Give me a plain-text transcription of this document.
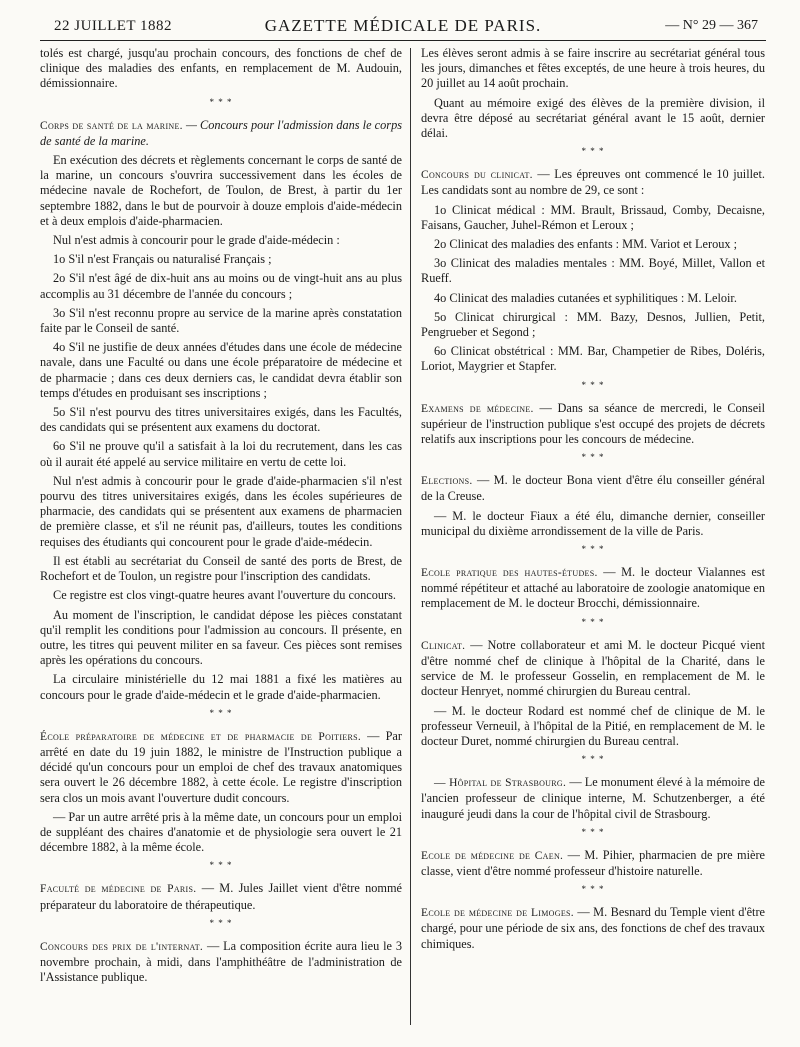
22 JUILLET 1882	GAZETTE MÉDICALE DE PARIS.	— N° 29 — 367

tolés est chargé, jusqu'au prochain concours, des fonctions de chef de clinique des maladies des enfants, en remplacement de M. Audouin, démissionnaire.

* * *

Corps de santé de la marine. — Concours pour l'admission dans le corps de santé de la marine.

En exécution des décrets et règlements concernant le corps de santé de la marine, un concours s'ouvrira successivement dans les écoles de médecine navale de Rochefort, de Toulon, de Brest, à partir du 1er septembre 1882, dans le but de pourvoir à douze emplois d'aide-médecin et à deux emplois d'aide-pharmacien.

Nul n'est admis à concourir pour le grade d'aide-médecin :

1o S'il n'est Français ou naturalisé Français ;

2o S'il n'est âgé de dix-huit ans au moins ou de vingt-huit ans au plus accomplis au 31 décembre de l'année du concours ;

3o S'il n'est reconnu propre au service de la marine après constatation faite par le Conseil de santé.

4o S'il ne justifie de deux années d'études dans une école de médecine navale, dans une Faculté ou dans une école préparatoire de médecine et de pharmacie ; dans ces deux derniers cas, le candidat devra établir son temps d'études en produisant ses inscriptions ;

5o S'il n'est pourvu des titres universitaires exigés, dans les Facultés, des candidats qui se présentent aux examens du doctorat.

6o S'il ne prouve qu'il a satisfait à la loi du recrutement, dans les cas où il aurait été appelé au service militaire en vertu de cette loi.

Nul n'est admis à concourir pour le grade d'aide-pharmacien s'il n'est pourvu des titres universitaires exigés, dans les écoles supérieures de pharmacie, des candidats qui se présentent aux examens de pharmacien de première classe, et s'il ne réunit pas, d'ailleurs, toutes les conditions requises des étudiants qui concourent pour le grade d'aide-médecin.

Il est établi au secrétariat du Conseil de santé des ports de Brest, de Rochefort et de Toulon, un registre pour l'inscription des candidats.

Ce registre est clos vingt-quatre heures avant l'ouverture du concours.

Au moment de l'inscription, le candidat dépose les pièces constatant qu'il remplit les conditions pour l'admission au concours. Il présente, en outre, les titres qui peuvent militer en sa faveur. Ces pièces sont remises après les opérations du concours.

La circulaire ministérielle du 12 mai 1881 a fixé les matières au concours pour le grade d'aide-médecin et le grade d'aide-pharmacien.

* * *

École préparatoire de médecine et de pharmacie de Poitiers. — Par arrêté en date du 19 juin 1882, le ministre de l'Instruction publique a décidé qu'un concours pour un emploi de chef des travaux anatomiques sera ouvert le 26 décembre 1882, à cette école. Le registre d'inscription sera clos un mois avant l'ouverture dudit concours.

— Par un autre arrêté pris à la même date, un concours pour un emploi de suppléant des chaires d'anatomie et de physiologie sera ouvert le 21 décembre 1882, à la même école.

* * *

Faculté de médecine de Paris. — M. Jules Jaillet vient d'être nommé préparateur du laboratoire de thérapeutique.

* * *

Concours des prix de l'internat. — La composition écrite aura lieu le 3 novembre prochain, à midi, dans l'amphithéâtre de l'administration de l'Assistance publique.

Les élèves seront admis à se faire inscrire au secrétariat général tous les jours, dimanches et fêtes exceptés, de une heure à trois heures, du 20 juillet au 14 août prochain.

Quant au mémoire exigé des élèves de la première division, il devra être déposé au secrétariat général avant le 15 août, dernier délai.

* * *

Concours du clinicat. — Les épreuves ont commencé le 10 juillet. Les candidats sont au nombre de 29, ce sont :

1o Clinicat médical : MM. Brault, Brissaud, Comby, Decaisne, Faisans, Gaucher, Juhel-Rémon et Leroux ;

2o Clinicat des maladies des enfants : MM. Variot et Leroux ;

3o Clinicat des maladies mentales : MM. Boyé, Millet, Vallon et Rueff.

4o Clinicat des maladies cutanées et syphilitiques : M. Leloir.

5o Clinicat chirurgical : MM. Bazy, Desnos, Jullien, Petit, Pengrueber et Segond ;

6o Clinicat obstétrical : MM. Bar, Champetier de Ribes, Doléris, Loriot, Maygrier et Stapfer.

* * *

Examens de médecine. — Dans sa séance de mercredi, le Conseil supérieur de l'instruction publique s'est occupé des projets de décrets relatifs aux inscriptions pour les concours de médecine.

* * *

Elections. — M. le docteur Bona vient d'être élu conseiller général de la Creuse.

— M. le docteur Fiaux a été élu, dimanche dernier, conseiller municipal du dixième arrondissement de la ville de Paris.

* * *

Ecole pratique des hautes-études. — M. le docteur Vialannes est nommé répétiteur et attaché au laboratoire de zoologie anatomique en remplacement de M. le docteur Brocchi, démissionnaire.

* * *

Clinicat. — Notre collaborateur et ami M. le docteur Picqué vient d'être nommé chef de clinique à l'hôpital de la Charité, dans le service de M. le professeur Gosselin, en remplacement de M. le docteur Henryet, nommé chirurgien du Bureau central.

— M. le docteur Rodard est nommé chef de clinique de M. le professeur Verneuil, à l'hôpital de la Pitié, en remplacement de M. le docteur Duret, nommé chirurgien du Bureau central.

* * *

— Hôpital de Strasbourg. — Le monument élevé à la mémoire de l'ancien professeur de clinique interne, M. Schutzenberger, a été inauguré jeudi dans la cour de l'hôpital civil de Strasbourg.

* * *

Ecole de médecine de Caen. — M. Pihier, pharmacien de pre mière classe, vient d'être nommé professeur d'histoire naturelle.

* * *

Ecole de médecine de Limoges. — M. Besnard du Temple vient d'être chargé, pour une période de six ans, des fonctions de chef des travaux chimiques.
